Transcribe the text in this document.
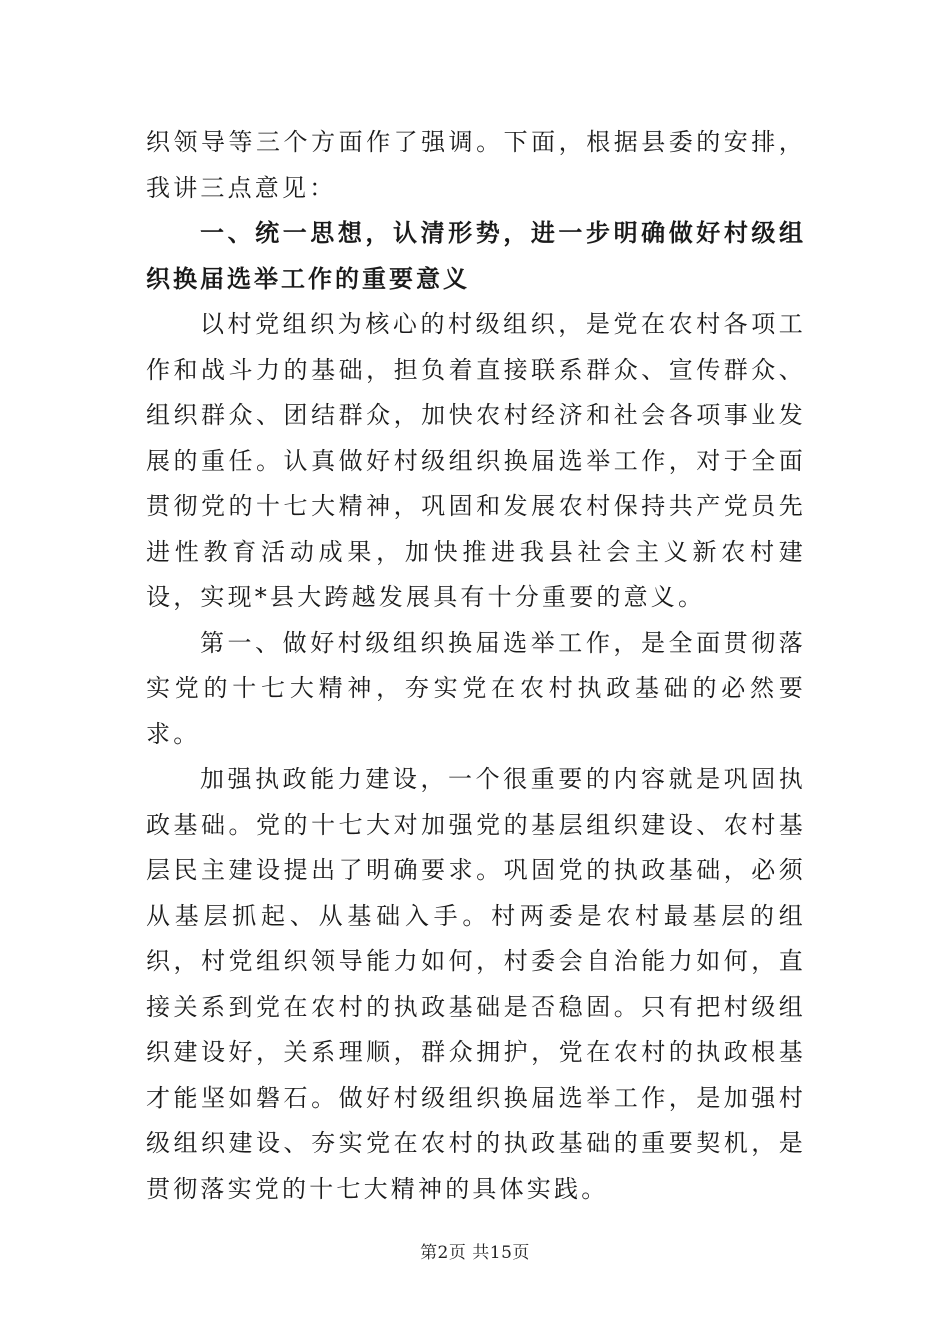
织领导等三个方面作了强调。下面，根据县委的安排，我讲三点意见：

一、统一思想，认清形势，进一步明确做好村级组织换届选举工作的重要意义

以村党组织为核心的村级组织，是党在农村各项工作和战斗力的基础，担负着直接联系群众、宣传群众、组织群众、团结群众，加快农村经济和社会各项事业发展的重任。认真做好村级组织换届选举工作，对于全面贯彻党的十七大精神，巩固和发展农村保持共产党员先进性教育活动成果，加快推进我县社会主义新农村建设，实现*县大跨越发展具有十分重要的意义。

第一、做好村级组织换届选举工作，是全面贯彻落实党的十七大精神，夯实党在农村执政基础的必然要求。

加强执政能力建设，一个很重要的内容就是巩固执政基础。党的十七大对加强党的基层组织建设、农村基层民主建设提出了明确要求。巩固党的执政基础，必须从基层抓起、从基础入手。村两委是农村最基层的组织，村党组织领导能力如何，村委会自治能力如何，直接关系到党在农村的执政基础是否稳固。只有把村级组织建设好，关系理顺，群众拥护，党在农村的执政根基才能坚如磐石。做好村级组织换届选举工作，是加强村级组织建设、夯实党在农村的执政基础的重要契机，是贯彻落实党的十七大精神的具体实践。

第2页 共15页
